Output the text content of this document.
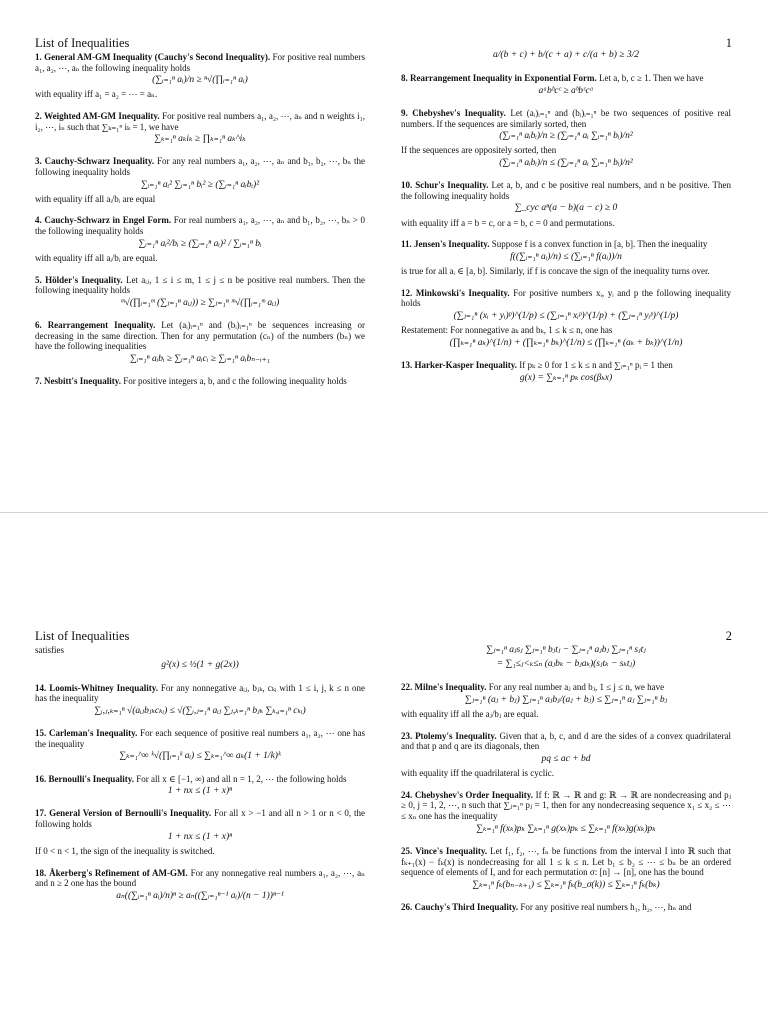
List of Inequalities	1

1. General AM-GM Inequality (Cauchy's Second Inequality). For positive real numbers a₁, a₂, ⋯, aₙ the following inequality holds

(∑ᵢ₌₁ⁿ aᵢ)/n ≥ ⁿ√(∏ᵢ₌₁ⁿ aᵢ)

with equality iff a₁ = a₂ = ⋯ = aₙ.

2. Weighted AM-GM Inequality. For positive real numbers a₁, a₂, ⋯, aₙ and n weights i₁, i₂, ⋯, iₙ such that ∑ₖ₌₁ⁿ iₖ = 1, we have

∑ₖ₌₁ⁿ aₖiₖ ≥ ∏ₖ₌₁ⁿ aₖ^iₖ

3. Cauchy-Schwarz Inequality. For any real numbers a₁, a₂, ⋯, aₙ and b₁, b₂, ⋯, bₙ the following inequality holds

∑ᵢ₌₁ⁿ aᵢ² ∑ᵢ₌₁ⁿ bᵢ² ≥ (∑ᵢ₌₁ⁿ aᵢbᵢ)²

with equality iff all aᵢ/bᵢ are equal

4. Cauchy-Schwarz in Engel Form. For real numbers a₁, a₂, ⋯, aₙ and b₁, b₂, ⋯, bₙ > 0 the following inequality holds

∑ᵢ₌₁ⁿ aᵢ²/bᵢ ≥ (∑ᵢ₌₁ⁿ aᵢ)² / ∑ᵢ₌₁ⁿ bᵢ

with equality iff all aᵢ/bᵢ are equal.

5. Hölder's Inequality. Let aᵢⱼ, 1 ≤ i ≤ m, 1 ≤ j ≤ n be positive real numbers. Then the following inequality holds

ᵐ√(∏ᵢ₌₁ᵐ (∑ⱼ₌₁ⁿ aᵢⱼ)) ≥ ∑ⱼ₌₁ⁿ ᵐ√(∏ᵢ₌₁ᵐ aᵢⱼ)

6. Rearrangement Inequality. Let (aᵢ)ᵢ₌₁ⁿ and (bᵢ)ᵢ₌₁ⁿ be sequences increasing or decreasing in the same direction. Then for any permutation (cₙ) of the numbers (bₙ) we have the following inequalities

∑ᵢ₌₁ⁿ aᵢbᵢ ≥ ∑ᵢ₌₁ⁿ aᵢcᵢ ≥ ∑ᵢ₌₁ⁿ aᵢbₙ₋ᵢ₊₁

7. Nesbitt's Inequality. For positive integers a, b, and c the following inequality holds

a/(b + c) + b/(c + a) + c/(a + b) ≥ 3/2

8. Rearrangement Inequality in Exponential Form. Let a, b, c ≥ 1. Then we have

aᵃbᵇcᶜ ≥ aᵇbᶜcᵃ

9. Chebyshev's Inequality. Let (aᵢ)ᵢ₌₁ⁿ and (bᵢ)ᵢ₌₁ⁿ be two sequences of positive real numbers. If the sequences are similarly sorted, then

(∑ᵢ₌₁ⁿ aᵢbᵢ)/n ≥ (∑ᵢ₌₁ⁿ aᵢ ∑ᵢ₌₁ⁿ bᵢ)/n²

If the sequences are oppositely sorted, then

(∑ᵢ₌₁ⁿ aᵢbᵢ)/n ≤ (∑ᵢ₌₁ⁿ aᵢ ∑ᵢ₌₁ⁿ bᵢ)/n²

10. Schur's Inequality. Let a, b, and c be positive real numbers, and n be positive. Then the following inequality holds

∑_cyc aⁿ(a − b)(a − c) ≥ 0

with equality iff a = b = c, or a = b, c = 0 and permutations.

11. Jensen's Inequality. Suppose f is a convex function in [a, b]. Then the inequality

f((∑ᵢ₌₁ⁿ aᵢ)/n) ≤ (∑ᵢ₌₁ⁿ f(aᵢ))/n

is true for all aᵢ ∈ [a, b]. Similarly, if f is concave the sign of the inequality turns over.

12. Minkowski's Inequality. For positive numbers xᵢ, yᵢ and p the following inequality holds

(∑ⱼ₌₁ⁿ (xᵢ + yᵢ)ᵖ)^(1/p) ≤ (∑ⱼ₌₁ⁿ xᵢᵖ)^(1/p) + (∑ⱼ₌₁ⁿ yᵢᵖ)^(1/p)

Restatement: For nonnegative aₖ and bₖ, 1 ≤ k ≤ n, one has

(∏ₖ₌₁ⁿ aₖ)^(1/n) + (∏ₖ₌₁ⁿ bₖ)^(1/n) ≤ (∏ₖ₌₁ⁿ (aₖ + bₖ))^(1/n)

13. Harker-Kasper Inequality. If pₖ ≥ 0 for 1 ≤ k ≤ n and ∑ᵢ₌₁ⁿ pᵢ = 1 then

g(x) = ∑ₖ₌₁ⁿ pₖ cos(βₖx)
List of Inequalities	2

satisfies

g²(x) ≤ ½(1 + g(2x))

14. Loomis-Whitney Inequality. For any nonnegative aᵢⱼ, bⱼₖ, cₖᵢ with 1 ≤ i, j, k ≤ n one has the inequality

∑ᵢ,ⱼ,ₖ₌₁ⁿ √(aᵢⱼbⱼₖcₖᵢ) ≤ √(∑ᵢ,ⱼ₌₁ⁿ aᵢⱼ ∑ⱼ,ₖ₌₁ⁿ bⱼₖ ∑ₖ,ᵢ₌₁ⁿ cₖᵢ)

15. Carleman's Inequality. For each sequence of positive real numbers a₁, a₂, ⋯ one has the inequality

∑ₖ₌₁^∞ ᵏ√(∏ᵢ₌₁ᵏ aᵢ) ≤ ∑ₖ₌₁^∞ aₖ(1 + 1/k)ᵏ

16. Bernoulli's Inequality. For all x ∈ [−1, ∞) and all n = 1, 2, ⋯ the following holds

1 + nx ≤ (1 + x)ⁿ

17. General Version of Bernoulli's Inequality. For all x > −1 and all n > 1 or n < 0, the following holds

1 + nx ≤ (1 + x)ⁿ

If 0 < n < 1, the sign of the inequality is switched.

18. Åkerberg's Refinement of AM-GM. For any nonnegative real numbers a₁, a₂, ⋯, aₙ and n ≥ 2 one has the bound

aₙ((∑ᵢ₌₁ⁿ aᵢ)/n)ⁿ ≥ aₙ((∑ᵢ₌₁ⁿ⁻¹ aᵢ)/(n − 1))ⁿ⁻¹
∑ⱼ₌₁ⁿ aⱼsⱼ ∑ⱼ₌₁ⁿ bⱼtⱼ − ∑ⱼ₌₁ⁿ aⱼbⱼ ∑ⱼ₌₁ⁿ sⱼtⱼ
= ∑₁≤ⱼ<ₖ≤ₙ (aⱼbₖ − bⱼaₖ)(sⱼtₖ − sₖtⱼ)

22. Milne's Inequality. For any real number aⱼ and bⱼ, 1 ≤ j ≤ n, we have

∑ⱼ₌₁ⁿ (aⱼ + bⱼ) ∑ⱼ₌₁ⁿ aⱼbⱼ/(aⱼ + bⱼ) ≤ ∑ⱼ₌₁ⁿ aⱼ ∑ⱼ₌₁ⁿ bⱼ

with equality iff all the aⱼ/bⱼ are equal.

23. Ptolemy's Inequality. Given that a, b, c, and d are the sides of a convex quadrilateral and that p and q are its diagonals, then

pq ≤ ac + bd

with equality iff the quadrilateral is cyclic.

24. Chebyshev's Order Inequality. If f: ℝ → ℝ and g: ℝ → ℝ are nondecreasing and pⱼ ≥ 0, j = 1, 2, ⋯, n such that ∑ⱼ₌₁ⁿ pⱼ = 1, then for any nondecreasing sequence x₁ ≤ x₂ ≤ ⋯ ≤ xₙ one has the inequality

∑ₖ₌₁ⁿ f(xₖ)pₖ ∑ₖ₌₁ⁿ g(xₖ)pₖ ≤ ∑ₖ₌₁ⁿ f(xₖ)g(xₖ)pₖ

25. Vince's Inequality. Let f₁, f₂, ⋯, fₙ be functions from the interval I into ℝ such that fₖ₊₁(x) − fₖ(x) is nondecreasing for all 1 ≤ k ≤ n. Let b₁ ≤ b₂ ≤ ⋯ ≤ bₙ be an ordered sequence of elements of I, and for each permutation σ: [n] → [n], one has the bound

∑ₖ₌₁ⁿ fₖ(bₙ₋ₖ₊₁) ≤ ∑ₖ₌₁ⁿ fₖ(b_σ(k)) ≤ ∑ₖ₌₁ⁿ fₖ(bₖ)

26. Cauchy's Third Inequality. For any positive real numbers h₁, h₂, ⋯, hₙ and
